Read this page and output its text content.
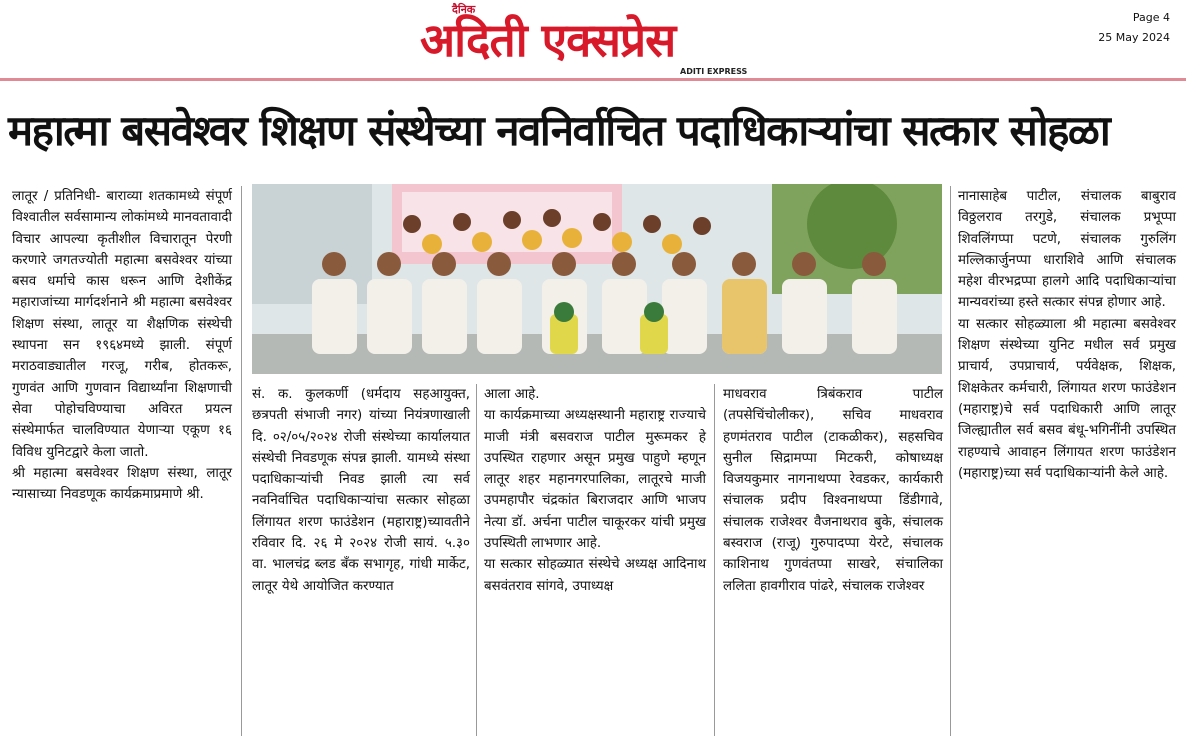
दैनिक
अदिती एक्सप्रेस
ADITI EXPRESS
Page 4
25 May 2024
महात्मा बसवेश्वर शिक्षण संस्थेच्या नवनिर्वाचित पदाधिकाऱ्यांचा सत्कार सोहळा

लातूर / प्रतिनिधी- बाराव्या शतकामध्ये संपूर्ण विश्वातील सर्वसामान्य लोकांमध्ये मानवतावादी विचार आपल्या कृतीशील विचारातून पेरणी करणारे जगतज्योती महात्मा बसवेश्वर यांच्या बसव धर्माचे कास धरून आणि देशीकेंद्र महाराजांच्या मार्गदर्शनाने श्री महात्मा बसवेश्वर शिक्षण संस्था, लातूर या शैक्षणिक संस्थेची स्थापना सन १९६४मध्ये झाली. संपूर्ण मराठवाड्यातील गरजू, गरीब, होतकरू, गुणवंत आणि गुणवान विद्यार्थ्यांना शिक्षणाची सेवा पोहोचविण्याचा अविरत प्रयत्न संस्थेमार्फत चालविण्यात येणाऱ्या एकूण १६ विविध युनिटद्वारे केला जातो.

श्री महात्मा बसवेश्वर शिक्षण संस्था, लातूर न्यासाच्या निवडणूक कार्यक्रमाप्रमाणे श्री.

सं. क. कुलकर्णी (धर्मदाय सहआयुक्त, छत्रपती संभाजी नगर) यांच्या नियंत्रणाखाली दि. ०२/०५/२०२४ रोजी संस्थेच्या कार्यालयात संस्थेची निवडणूक संपन्न झाली. यामध्ये संस्था पदाधिकाऱ्यांची निवड झाली त्या सर्व नवनिर्वाचित पदाधिकाऱ्यांचा सत्कार सोहळा लिंगायत शरण फाउंडेशन (महाराष्ट्र)च्यावतीने रविवार दि. २६ मे २०२४ रोजी सायं. ५.३० वा. भालचंद्र ब्लड बँक सभागृह, गांधी मार्केट, लातूर येथे आयोजित करण्यात

आला आहे.

या कार्यक्रमाच्या अध्यक्षस्थानी महाराष्ट्र राज्याचे माजी मंत्री बसवराज पाटील मुरूमकर हे उपस्थित राहणार असून प्रमुख पाहुणे म्हणून लातूर शहर महानगरपालिका, लातूरचे माजी उपमहापौर चंद्रकांत बिराजदार आणि भाजप नेत्या डॉ. अर्चना पाटील चाकूरकर यांची प्रमुख उपस्थिती लाभणार आहे.

या सत्कार सोहळ्यात संस्थेचे अध्यक्ष आदिनाथ बसवंतराव सांगवे, उपाध्यक्ष

माधवराव त्रिबंकराव पाटील (तपसेचिंचोलीकर), सचिव माधवराव हणमंतराव पाटील (टाकळीकर), सहसचिव सुनील सिद्रामप्पा मिटकरी, कोषाध्यक्ष विजयकुमार नागनाथप्पा रेवडकर, कार्यकारी संचालक प्रदीप विश्वनाथप्पा डिंडीगावे, संचालक राजेश्वर वैजनाथराव बुके, संचालक बस्वराज (राजू) गुरुपादप्पा येरटे, संचालक काशिनाथ गुणवंतप्पा साखरे, संचालिका ललिता हावगीराव पांढरे, संचालक राजेश्वर

नानासाहेब पाटील, संचालक बाबुराव विठ्ठलराव तरगुडे, संचालक प्रभूप्पा शिवलिंगप्पा पटणे, संचालक गुरुलिंग मल्लिकार्जुनप्पा धाराशिवे आणि संचालक महेश वीरभद्रप्पा हालगे आदि पदाधिकाऱ्यांचा मान्यवरांच्या हस्ते सत्कार संपन्न होणार आहे.

या सत्कार सोहळ्याला श्री महात्मा बसवेश्वर शिक्षण संस्थेच्या युनिट मधील सर्व प्रमुख प्राचार्य, उपप्राचार्य, पर्यवेक्षक, शिक्षक, शिक्षकेतर कर्मचारी, लिंगायत शरण फाउंडेशन (महाराष्ट्र)चे सर्व पदाधिकारी आणि लातूर जिल्ह्यातील सर्व बसव बंधू-भगिनींनी उपस्थित राहण्याचे आवाहन लिंगायत शरण फाउंडेशन (महाराष्ट्र)च्या सर्व पदाधिकाऱ्यांनी केले आहे.
